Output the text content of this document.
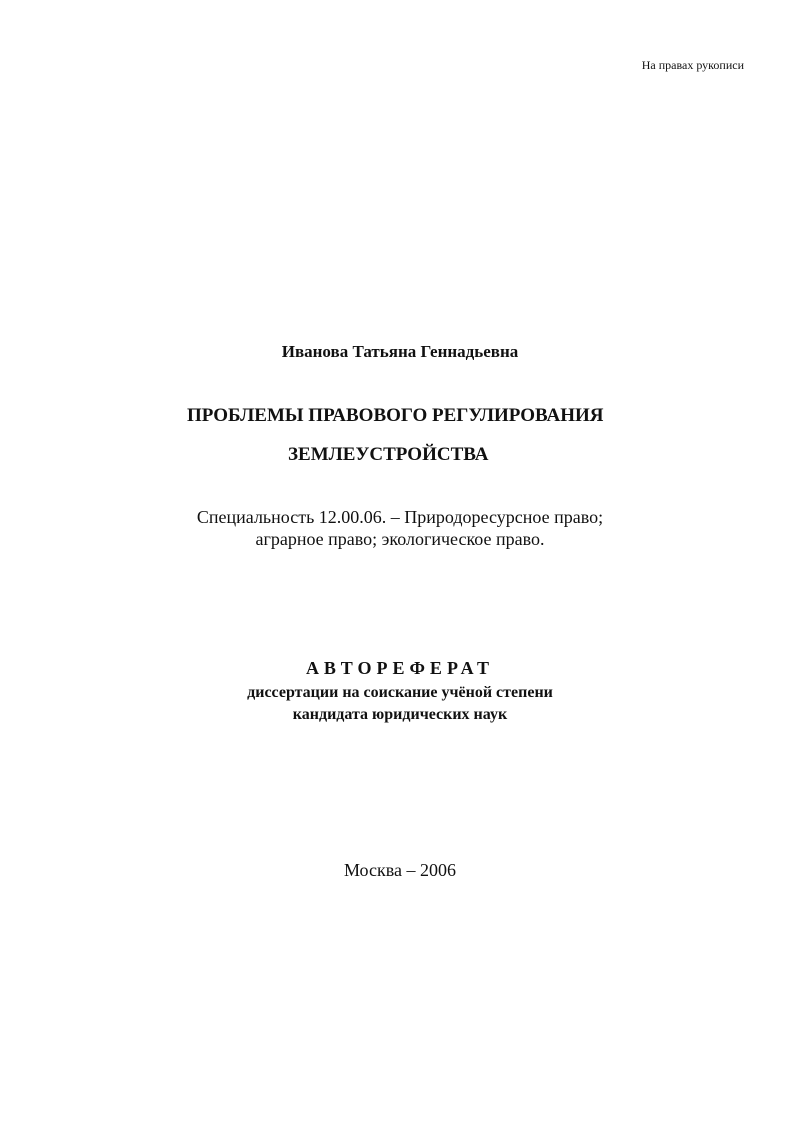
На правах рукописи
Иванова Татьяна Геннадьевна
ПРОБЛЕМЫ ПРАВОВОГО РЕГУЛИРОВАНИЯ
ЗЕМЛЕУСТРОЙСТВА
Специальность 12.00.06. – Природоресурсное право;
аграрное право; экологическое право.
АВТОРЕФЕРАТ
диссертации на соискание учёной степени
кандидата юридических наук
Москва – 2006
